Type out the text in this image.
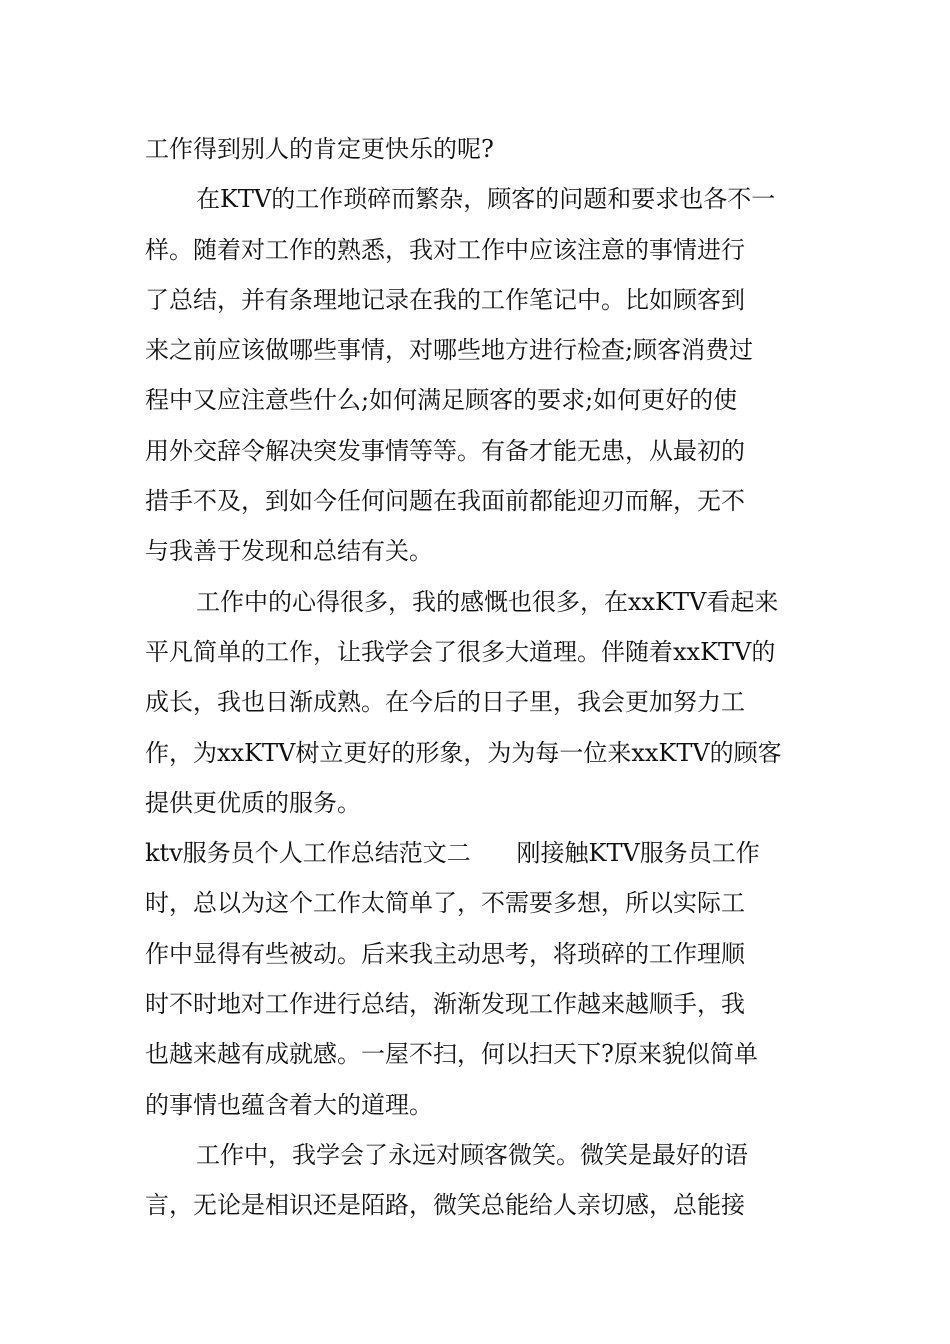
工作得到别人的肯定更快乐的呢?
在KTV的工作琐碎而繁杂，顾客的问题和要求也各不一
样。随着对工作的熟悉，我对工作中应该注意的事情进行
了总结，并有条理地记录在我的工作笔记中。比如顾客到
来之前应该做哪些事情，对哪些地方进行检查;顾客消费过
程中又应注意些什么;如何满足顾客的要求;如何更好的使
用外交辞令解决突发事情等等。有备才能无患，从最初的
措手不及，到如今任何问题在我面前都能迎刃而解，无不
与我善于发现和总结有关。
工作中的心得很多，我的感慨也很多，在xxKTV看起来
平凡简单的工作，让我学会了很多大道理。伴随着xxKTV的
成长，我也日渐成熟。在今后的日子里，我会更加努力工
作，为xxKTV树立更好的形象，为为每一位来xxKTV的顾客
提供更优质的服务。
ktv服务员个人工作总结范文二      刚接触KTV服务员工作
时，总以为这个工作太简单了，不需要多想，所以实际工
作中显得有些被动。后来我主动思考，将琐碎的工作理顺
时不时地对工作进行总结，渐渐发现工作越来越顺手，我
也越来越有成就感。一屋不扫，何以扫天下?原来貌似简单
的事情也蕴含着大的道理。
工作中，我学会了永远对顾客微笑。微笑是最好的语
言，无论是相识还是陌路，微笑总能给人亲切感，总能接
